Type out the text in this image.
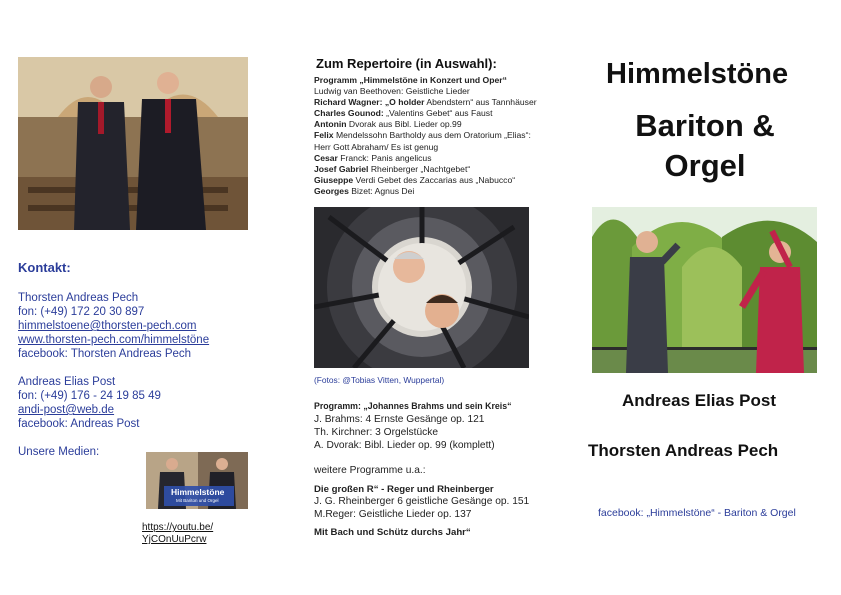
Kontakt:
Thorsten Andreas Pech
fon: (+49) 172 20 30 897
himmelstoene@thorsten-pech.com
www.thorsten-pech.com/himmelstöne
facebook: Thorsten Andreas Pech
Andreas Elias Post
fon: (+49) 176 - 24 19 85 49
andi-post@web.de
facebook: Andreas Post
Unsere Medien:
Himmelstöne
Mit Bariton und Orgel
https://youtu.be/
YjCOnUuPcrw
Zum Repertoire (in Auswahl):
Programm „Himmelstöne in Konzert und Oper“
Ludwig van Beethoven: Geistliche Lieder
Richard Wagner: „O holder Abendstern“ aus Tannhäuser
Charles Gounod: „Valentins Gebet“ aus Faust
Antonin Dvorak aus Bibl. Lieder op.99
Felix Mendelssohn Bartholdy aus dem Oratorium „Elias“:
Herr Gott Abraham/ Es ist genug
Cesar Franck: Panis angelicus
Josef Gabriel Rheinberger „Nachtgebet“
Giuseppe Verdi Gebet des Zaccarias aus „Nabucco“
Georges Bizet: Agnus Dei
(Fotos: @Tobias Vitten, Wuppertal)
Programm: „Johannes Brahms und sein Kreis“
J. Brahms: 4 Ernste Gesänge op. 121
Th. Kirchner: 3 Orgelstücke
A. Dvorak: Bibl. Lieder op. 99 (komplett)
weitere Programme u.a.:
Die großen R“ - Reger und Rheinberger
J. G. Rheinberger 6 geistliche Gesänge op. 151
M.Reger: Geistliche Lieder op. 137
Mit Bach und Schütz durchs Jahr“
Himmelstöne
Bariton &
Orgel
Andreas Elias Post
Thorsten Andreas Pech
facebook: „Himmelstöne“ - Bariton & Orgel
